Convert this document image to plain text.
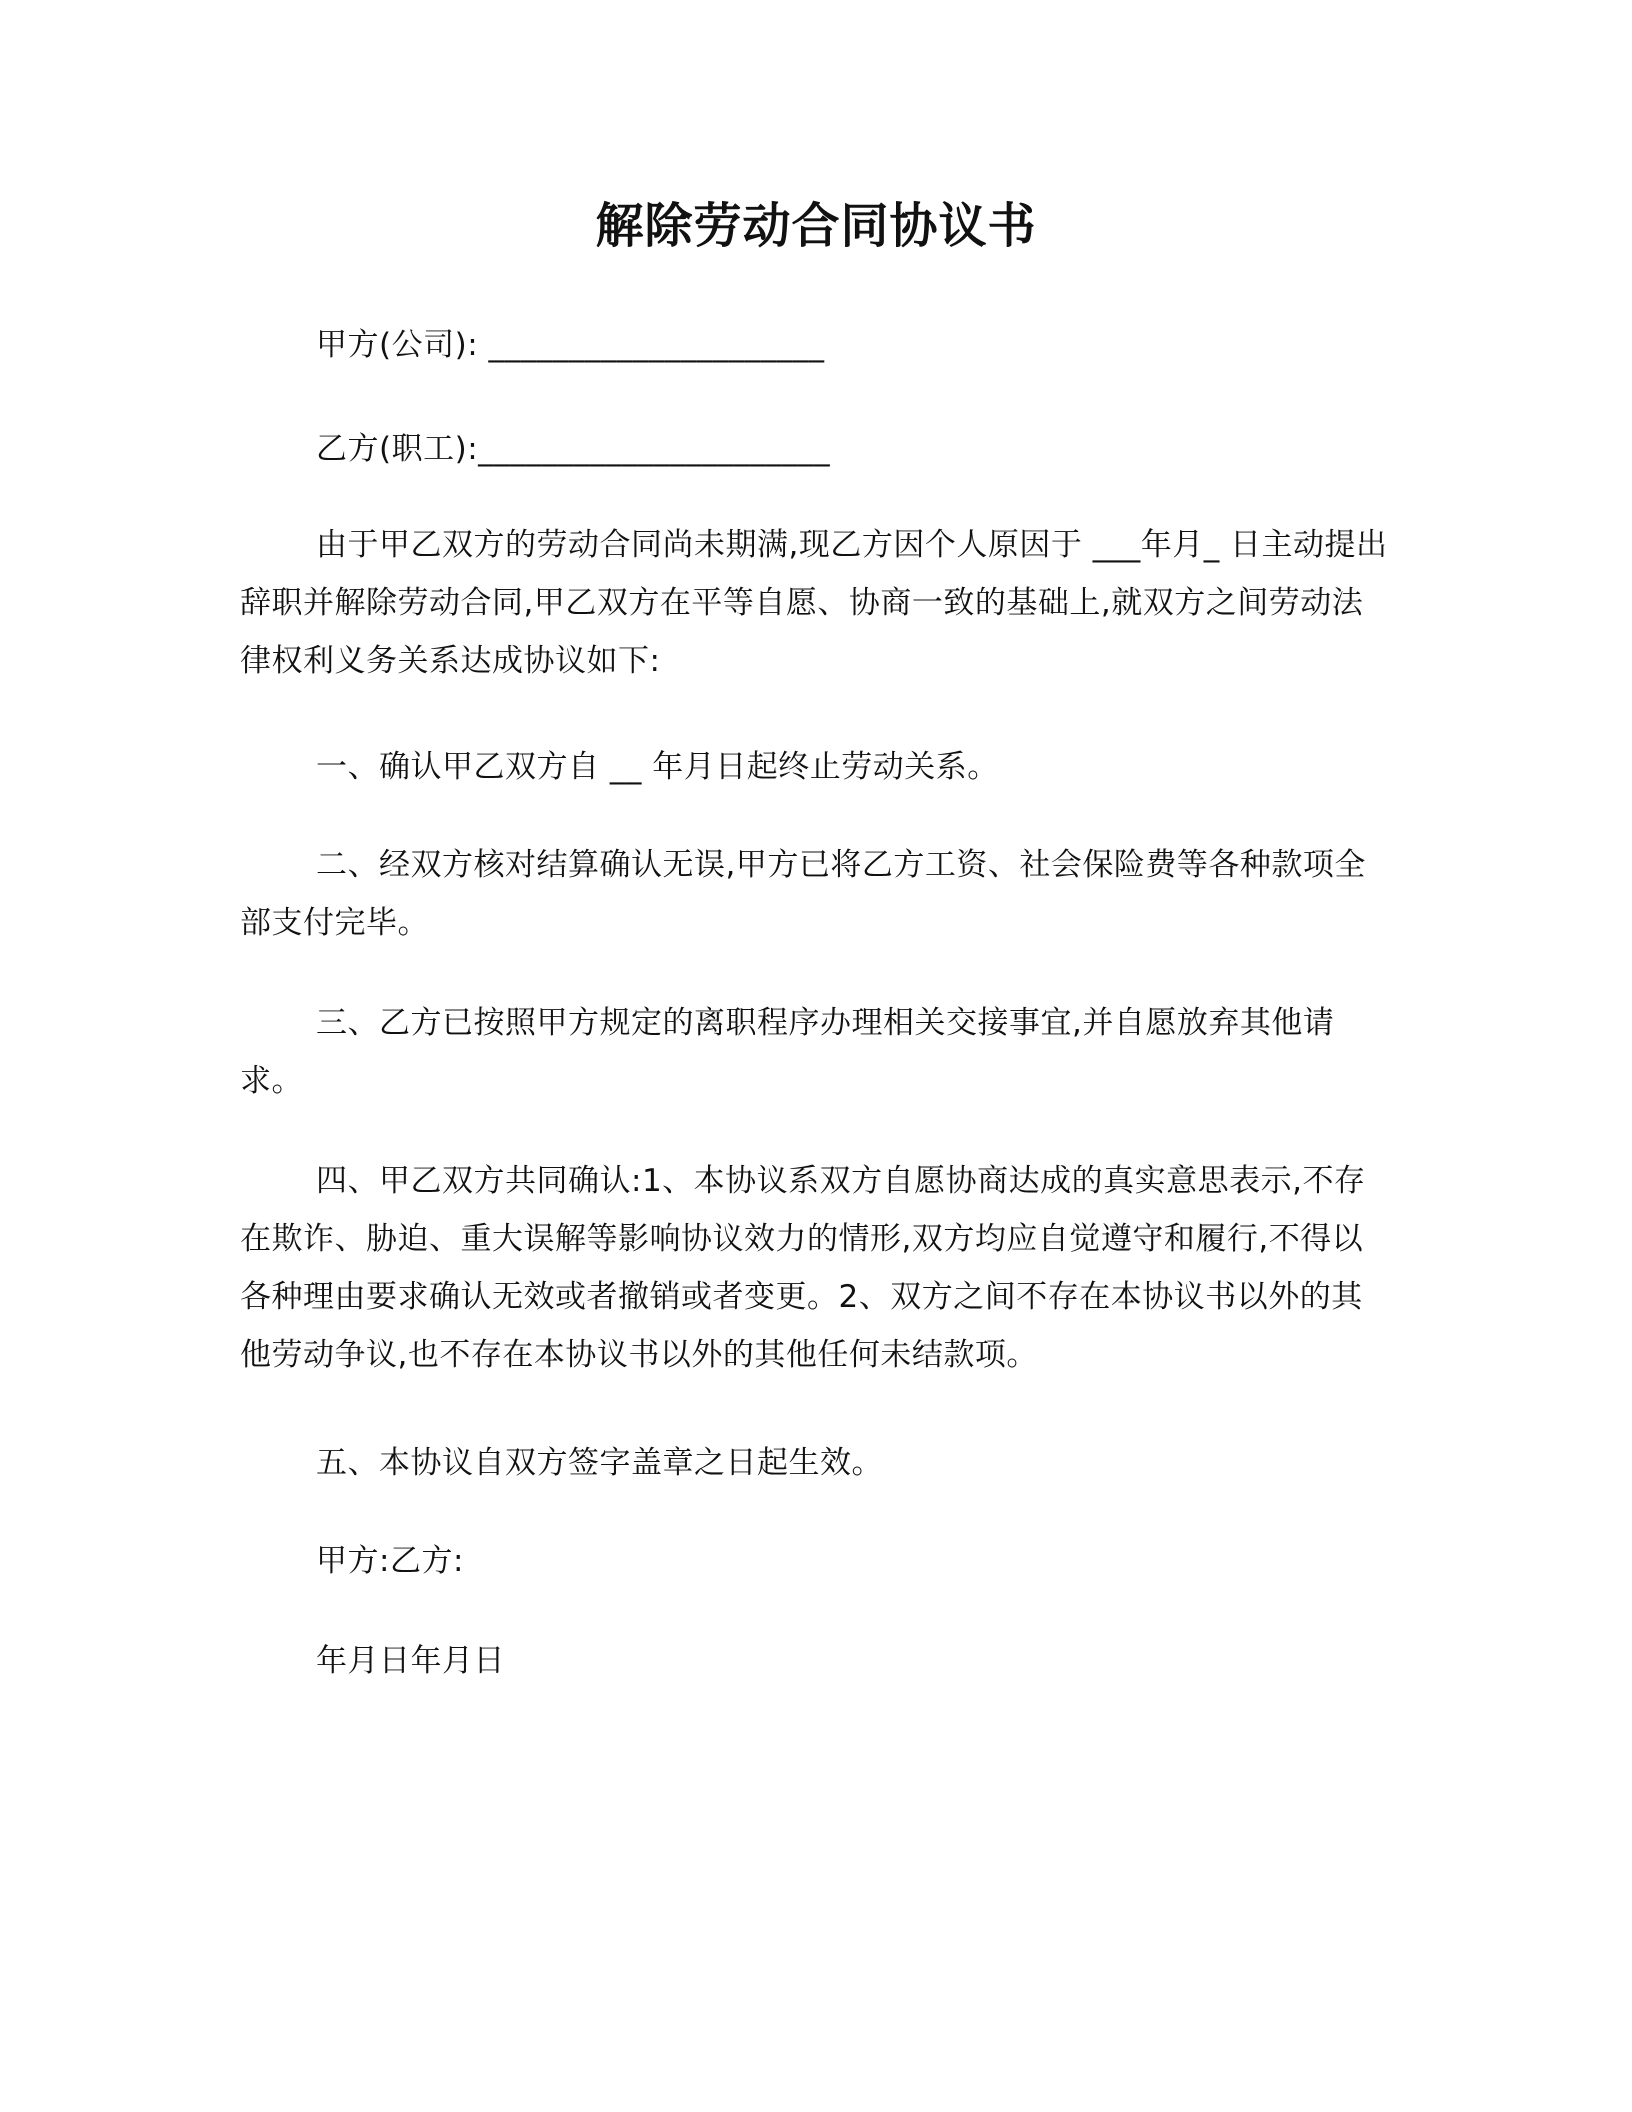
解除劳动合同协议书
甲方(公司): _____________________
乙方(职工):______________________
由于甲乙双方的劳动合同尚未期满,现乙方因个人原因于 ___年月_ 日主动提出辞职并解除劳动合同,甲乙双方在平等自愿、协商一致的基础上,就双方之间劳动法律权利义务关系达成协议如下:
一、确认甲乙双方自 __ 年月日起终止劳动关系。
二、经双方核对结算确认无误,甲方已将乙方工资、社会保险费等各种款项全部支付完毕。
三、乙方已按照甲方规定的离职程序办理相关交接事宜,并自愿放弃其他请求。
四、甲乙双方共同确认:1、本协议系双方自愿协商达成的真实意思表示,不存在欺诈、胁迫、重大误解等影响协议效力的情形,双方均应自觉遵守和履行,不得以各种理由要求确认无效或者撤销或者变更。2、双方之间不存在本协议书以外的其他劳动争议,也不存在本协议书以外的其他任何未结款项。
五、本协议自双方签字盖章之日起生效。
甲方:乙方:
年月日年月日
